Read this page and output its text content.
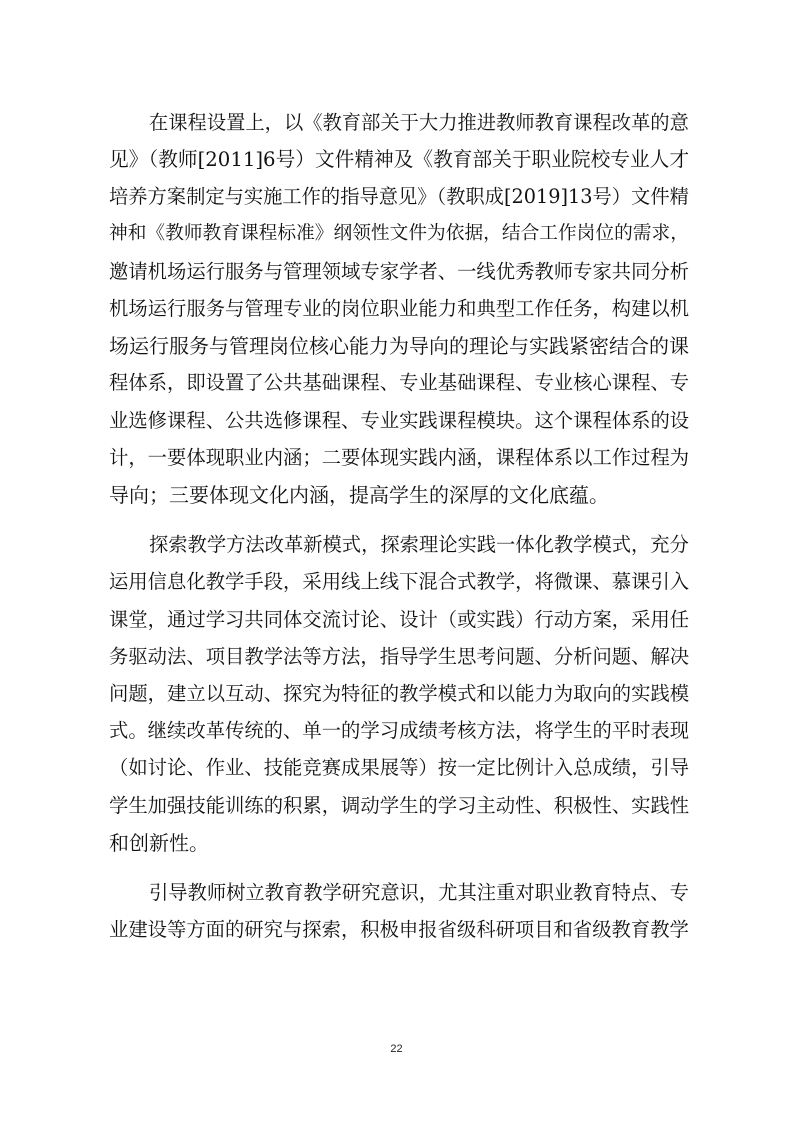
在课程设置上，以《教育部关于大力推进教师教育课程改革的意
见》（教师[2011]6号）文件精神及《教育部关于职业院校专业人才
培养方案制定与实施工作的指导意见》（教职成[2019]13号）文件精
神和《教师教育课程标准》纲领性文件为依据，结合工作岗位的需求，
邀请机场运行服务与管理领域专家学者、一线优秀教师专家共同分析
机场运行服务与管理专业的岗位职业能力和典型工作任务，构建以机
场运行服务与管理岗位核心能力为导向的理论与实践紧密结合的课
程体系，即设置了公共基础课程、专业基础课程、专业核心课程、专
业选修课程、公共选修课程、专业实践课程模块。这个课程体系的设
计，一要体现职业内涵；二要体现实践内涵，课程体系以工作过程为
导向；三要体现文化内涵，提高学生的深厚的文化底蕴。
探索教学方法改革新模式，探索理论实践一体化教学模式，充分
运用信息化教学手段，采用线上线下混合式教学，将微课、慕课引入
课堂，通过学习共同体交流讨论、设计（或实践）行动方案，采用任
务驱动法、项目教学法等方法，指导学生思考问题、分析问题、解决
问题，建立以互动、探究为特征的教学模式和以能力为取向的实践模
式。继续改革传统的、单一的学习成绩考核方法，将学生的平时表现
（如讨论、作业、技能竞赛成果展等）按一定比例计入总成绩，引导
学生加强技能训练的积累，调动学生的学习主动性、积极性、实践性
和创新性。
引导教师树立教育教学研究意识，尤其注重对职业教育特点、专
业建设等方面的研究与探索，积极申报省级科研项目和省级教育教学
22
